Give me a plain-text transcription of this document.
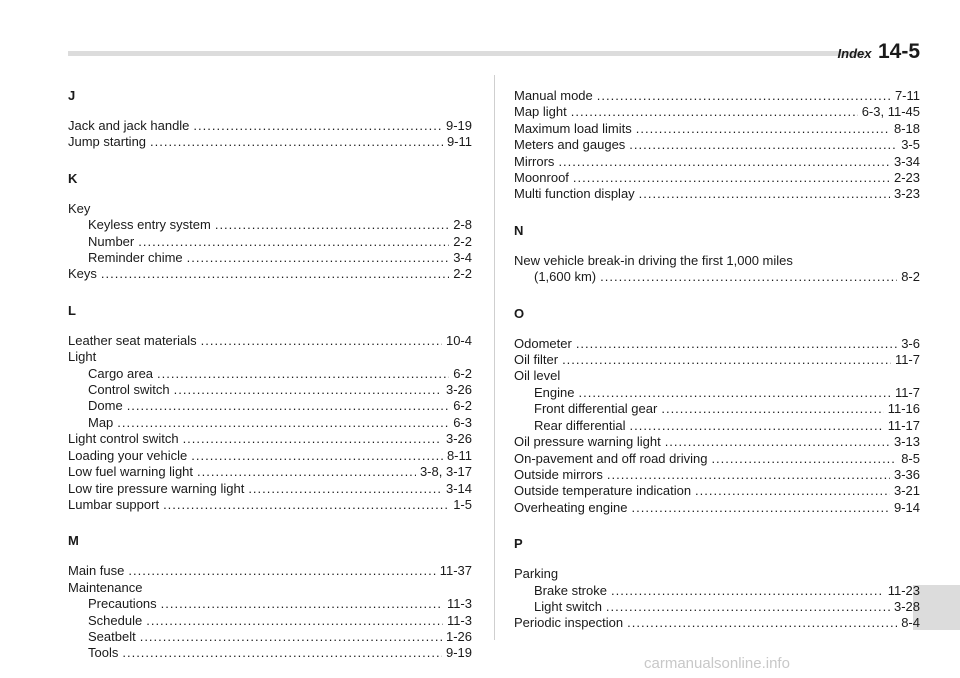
Index 14-5
J
Jack and jack handle .....	9-19
Jump starting .....	9-11
K
Key
Keyless entry system .....	2-8
Number .....	2-2
Reminder chime .....	3-4
Keys .....	2-2
L
Leather seat materials .....	10-4
Light
Cargo area .....	6-2
Control switch .....	3-26
Dome .....	6-2
Map .....	6-3
Light control switch .....	3-26
Loading your vehicle .....	8-11
Low fuel warning light .....	3-8, 3-17
Low tire pressure warning light .....	3-14
Lumbar support .....	1-5
M
Main fuse .....	11-37
Maintenance
Precautions .....	11-3
Schedule .....	11-3
Seatbelt .....	1-26
Tools .....	9-19
Manual mode .....	7-11
Map light .....	6-3, 11-45
Maximum load limits .....	8-18
Meters and gauges .....	3-5
Mirrors .....	3-34
Moonroof .....	2-23
Multi function display .....	3-23
N
New vehicle break-in driving the first 1,000 miles
(1,600 km) .....	8-2
O
Odometer .....	3-6
Oil filter .....	11-7
Oil level
Engine .....	11-7
Front differential gear .....	11-16
Rear differential .....	11-17
Oil pressure warning light .....	3-13
On-pavement and off road driving .....	8-5
Outside mirrors .....	3-36
Outside temperature indication .....	3-21
Overheating engine .....	9-14
P
Parking
Brake stroke .....	11-23
Light switch .....	3-28
Periodic inspection .....	8-4
carmanualsonline.info
